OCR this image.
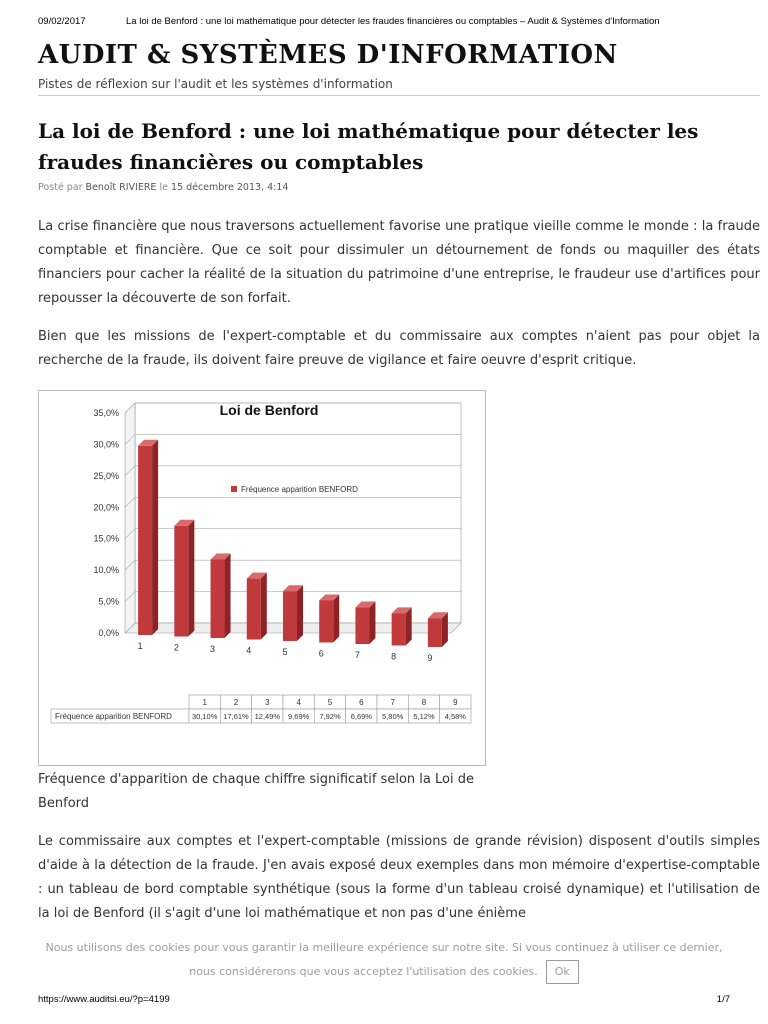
09/02/2017	La loi de Benford : une loi mathématique pour détecter les fraudes financières ou comptables – Audit & Systèmes d'Information
AUDIT & SYSTÈMES D'INFORMATION
Pistes de réflexion sur l'audit et les systèmes d'information
La loi de Benford : une loi mathématique pour détecter les fraudes financières ou comptables
Posté par Benoît RIVIERE le 15 décembre 2013, 4:14

La crise financière que nous traversons actuellement favorise une pratique vieille comme le monde : la fraude comptable et financière. Que ce soit pour dissimuler un détournement de fonds ou maquiller des états financiers pour cacher la réalité de la situation du patrimoine d'une entreprise, le fraudeur use d'artifices pour repousser la découverte de son forfait.

Bien que les missions de l'expert-comptable et du commissaire aux comptes n'aient pas pour objet la recherche de la fraude, ils doivent faire preuve de vigilance et faire oeuvre d'esprit critique.

0,0%
5,0%
10,0%
15,0%
20,0%
25,0%
30,0%
35,0%	Loi de Benford
1	2	3	4	5	6	7	8	9
Fréquence apparition BENFORD
1	2	3	4	5	6	7	8	9
Fréquence apparition BENFORD	30,10% 17,61% 12,49% 9,69% 7,92% 6,69% 5,80% 5,12% 4,58%

Fréquence d'apparition de chaque chiffre significatif selon la Loi de Benford

Le commissaire aux comptes et l'expert-comptable (missions de grande révision) disposent d'outils simples d'aide à la détection de la fraude. J'en avais exposé deux exemples dans mon mémoire d'expertise-comptable : un tableau de bord comptable synthétique (sous la forme d'un tableau croisé dynamique) et l'utilisation de la loi de Benford (il s'agit d'une loi mathématique et non pas d'une énième

Nous utilisons des cookies pour vous garantir la meilleure expérience sur notre site. Si vous continuez à utiliser ce dernier,
nous considérerons que vous acceptez l'utilisation des cookies. Ok
https://www.auditsi.eu/?p=4199	1/7
